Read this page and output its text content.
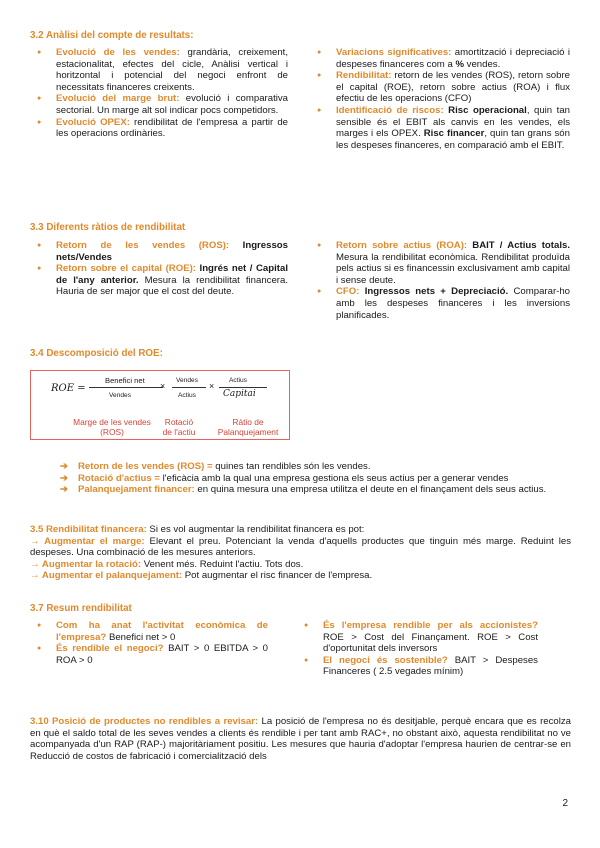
3.2 Anàlisi del compte de resultats:
● Evolució de les vendes: grandària, creixement, estacionalitat, efectes del cicle, Anàlisi vertical i horitzontal i potencial del negoci enfront de necessitats financeres creixents.
● Evolució del marge brut: evolució i comparativa sectorial. Un marge alt sol indicar pocs competidors.
● Evolució OPEX: rendibilitat de l'empresa a partir de les operacions ordinàries.
● Variacions significatives: amortització i depreciació i despeses financeres com a % vendes.
● Rendibilitat: retorn de les vendes (ROS), retorn sobre el capital (ROE), retorn sobre actius (ROA) i flux efectiu de les operacions (CFO)
● Identificació de riscos: Risc operacional, quin tan sensible és el EBIT als canvis en les vendes, els marges i els OPEX. Risc financer, quin tan grans són les despeses financeres, en comparació amb el EBIT.
3.3 Diferents ràtios de rendibilitat
● Retorn de les vendes (ROS): Ingressos nets/Vendes
● Retorn sobre el capital (ROE): Ingrés net / Capital de l'any anterior. Mesura la rendibilitat financera. Hauria de ser major que el cost del deute.
● Retorn sobre actius (ROA): BAIT / Actius totals. Mesura la rendibilitat econòmica. Rendibilitat produïda pels actius si es financessin exclusivament amb capital i sense deute.
● CFO: Ingressos nets + Depreciació. Comparar-ho amb les despeses financeres i les inversions planificades.
3.4 Descomposició del ROE:
ROE =
Benefici net
Vendes
×
Vendes
Actius
×
Actius
Capitai
Marge de les vendes (ROS)
Rotació de l'actiu
Ràtio de Palanquejament
➔ Retorn de les vendes (ROS) = quines tan rendibles són les vendes.
➔ Rotació d'actius = l'eficàcia amb la qual una empresa gestiona els seus actius per a generar vendes
➔ Palanquejament financer: en quina mesura una empresa utilitza el deute en el finançament dels seus actius.
3.5 Rendibilitat financera: Si es vol augmentar la rendibilitat financera es pot:
→ Augmentar el marge: Elevant el preu. Potenciant la venda d'aquells productes que tinguin més marge. Reduint les despeses. Una combinació de les mesures anteriors.
→ Augmentar la rotació: Venent més. Reduint l'actiu. Tots dos.
→ Augmentar el palanquejament: Pot augmentar el risc financer de l'empresa.
3.7 Resum rendibilitat
● Com ha anat l'activitat econòmica de l'empresa? Benefici net > 0
● És rendible el negoci? BAIT > 0 EBITDA > 0 ROA > 0
● És l'empresa rendible per als accionistes? ROE > Cost del Finançament. ROE > Cost d'oportunitat dels inversors
● El negoci és sostenible? BAIT > Despeses Financeres ( 2.5 vegades mínim)
3.10 Posició de productes no rendibles a revisar: La posició de l'empresa no és desitjable, perquè encara que es recolza en què el saldo total de les seves vendes a clients és rendible i per tant amb RAC+, no obstant això, aquesta rendibilitat no ve acompanyada d'un RAP (RAP-) majoritàriament positiu. Les mesures que hauria d'adoptar l'empresa haurien de centrar-se en Reducció de costos de fabricació i comercialització dels
2
